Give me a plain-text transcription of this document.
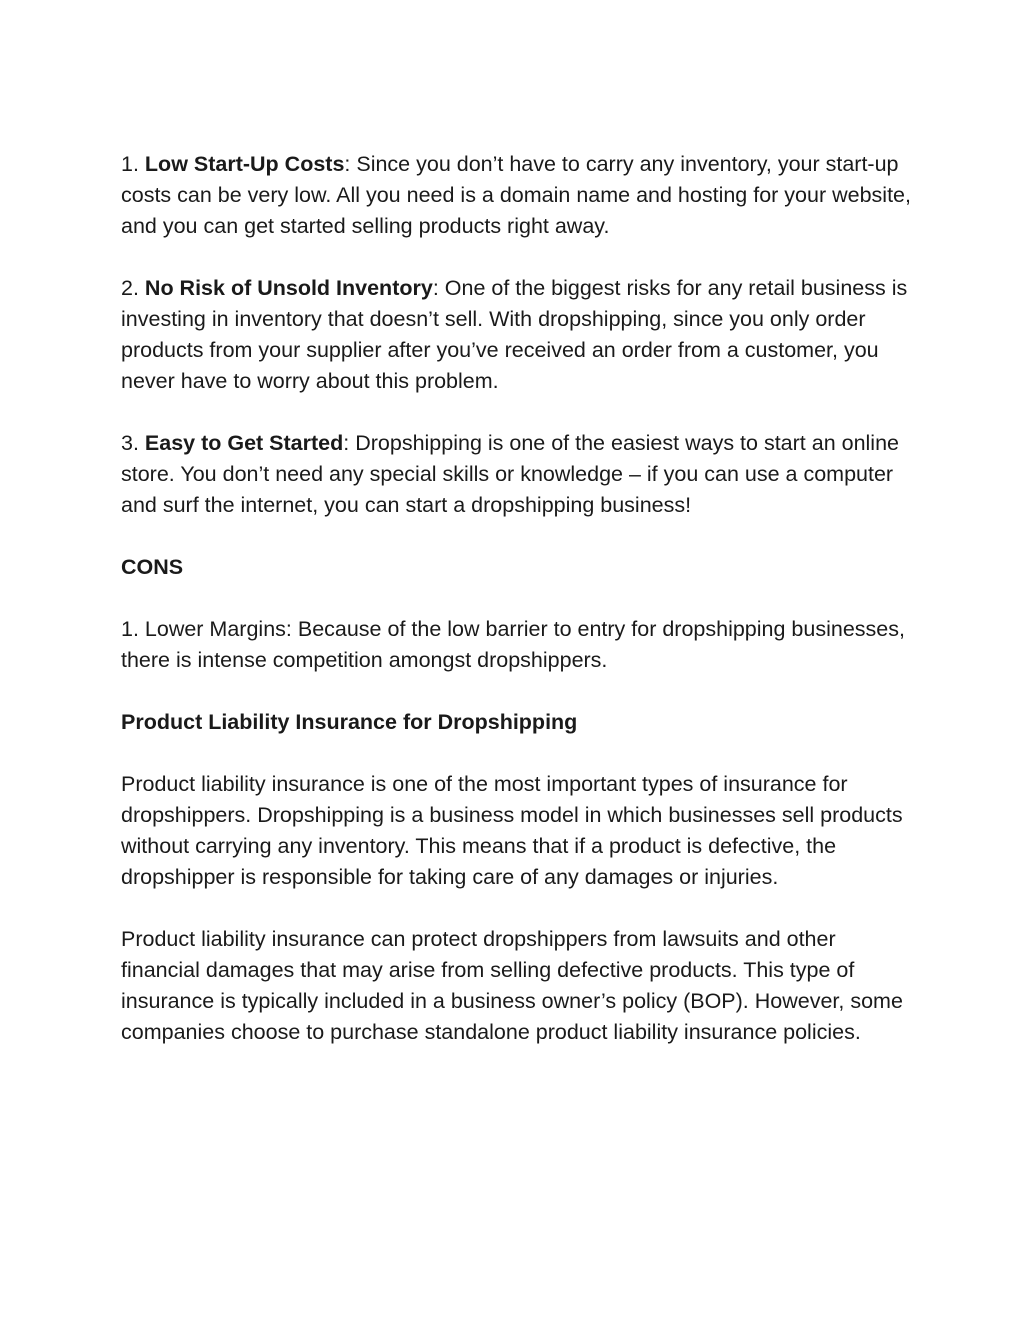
1. Low Start-Up Costs: Since you don’t have to carry any inventory, your start-up costs can be very low. All you need is a domain name and hosting for your website, and you can get started selling products right away.

2. No Risk of Unsold Inventory: One of the biggest risks for any retail business is investing in inventory that doesn’t sell. With dropshipping, since you only order products from your supplier after you’ve received an order from a customer, you never have to worry about this problem.

3. Easy to Get Started: Dropshipping is one of the easiest ways to start an online store. You don’t need any special skills or knowledge – if you can use a computer and surf the internet, you can start a dropshipping business!

CONS

1. Lower Margins: Because of the low barrier to entry for dropshipping businesses, there is intense competition amongst dropshippers.

Product Liability Insurance for Dropshipping

Product liability insurance is one of the most important types of insurance for dropshippers. Dropshipping is a business model in which businesses sell products without carrying any inventory. This means that if a product is defective, the dropshipper is responsible for taking care of any damages or injuries.

Product liability insurance can protect dropshippers from lawsuits and other financial damages that may arise from selling defective products. This type of insurance is typically included in a business owner’s policy (BOP). However, some companies choose to purchase standalone product liability insurance policies.
